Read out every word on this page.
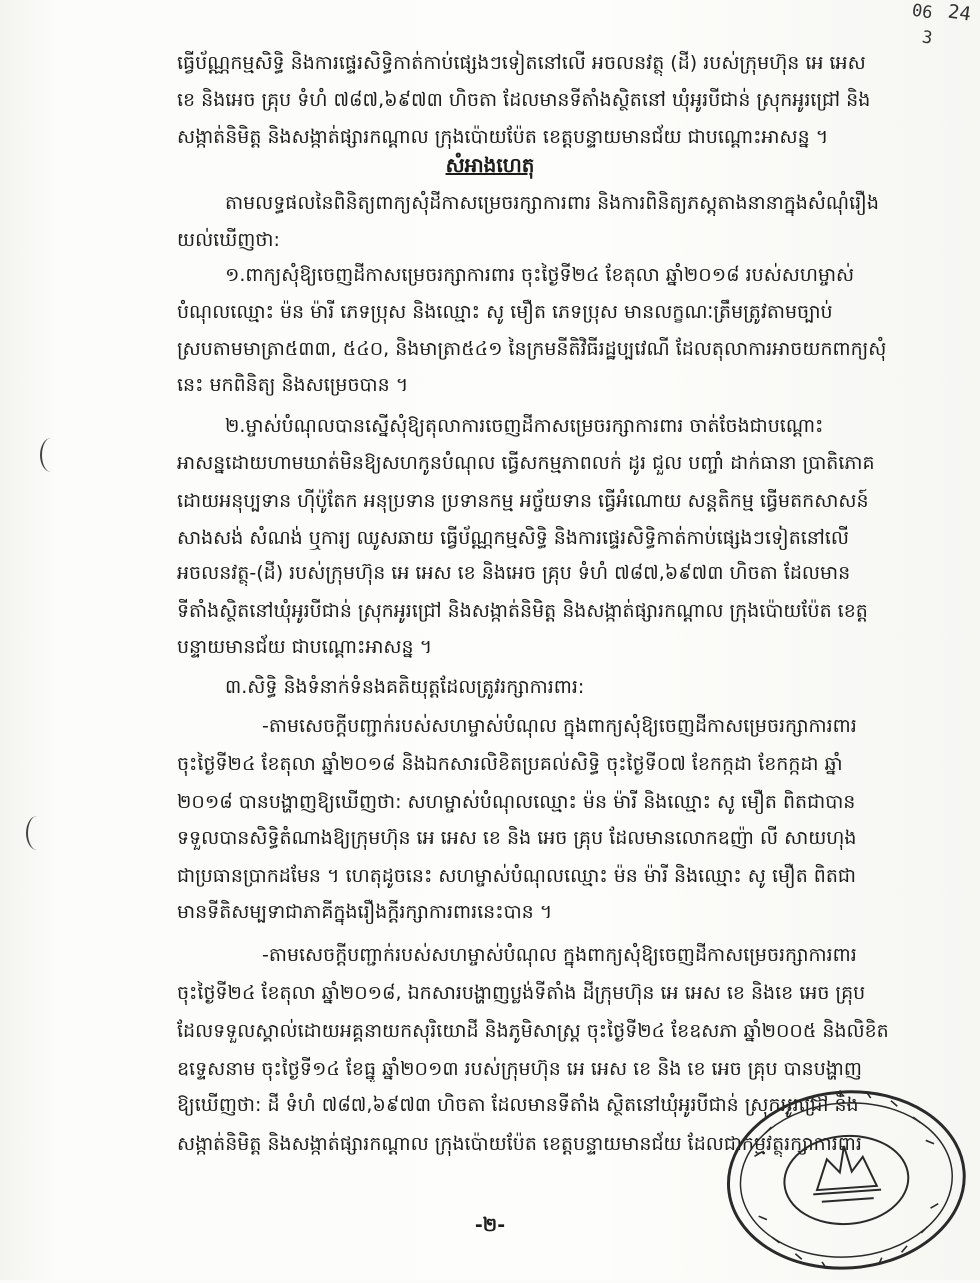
06
3
24
ធ្វើប័ណ្ណកម្មសិទ្ធិ និងការផ្ទេរសិទ្ធិកាត់កាប់ផ្សេងៗទៀតនៅលើ អចលនវត្ថុ (ដី) របស់ក្រុមហ៊ុន អេ អេស
ខេ និងអេច គ្រុប ទំហំ ៧៨៧,៦៩៧៣ ហិចតា ដែលមានទីតាំងស្ថិតនៅ ឃុំអូរបីជាន់ ស្រុកអូរជ្រៅ និង
សង្កាត់និមិត្ត និងសង្កាត់ផ្សារកណ្តាល ក្រុងប៉ោយប៉ែត ខេត្តបន្ទាយមានជ័យ ជាបណ្តោះអាសន្ន ។
សំអាងហេតុ
តាមលទ្ធផលនៃពិនិត្យពាក្យសុំដីកាសម្រេចរក្សាការពារ និងការពិនិត្យភស្តុតាងនានាក្នុងសំណុំរឿង
យល់ឃើញថា:
១.ពាក្យសុំឱ្យចេញដីកាសម្រេចរក្សាការពារ ចុះថ្ងៃទី២៤ ខែតុលា ឆ្នាំ២០១៨ របស់សហម្ចាស់
បំណុលឈ្មោះ ម៉ន ម៉ារី ភេទប្រុស និងឈ្មោះ សូ មឿត ភេទប្រុស មានលក្ខណៈត្រឹមត្រូវតាមច្បាប់
ស្របតាមមាត្រា៥៣៣, ៥៤០, និងមាត្រា៥៤១ នៃក្រមនីតិវិធីរដ្ឋប្បវេណី ដែលតុលាការអាចយកពាក្យសុំ
នេះ មកពិនិត្យ និងសម្រេចបាន ។
២.ម្ចាស់បំណុលបានស្នើសុំឱ្យតុលាការចេញដីកាសម្រេចរក្សាការពារ ចាត់ចែងជាបណ្តោះ
អាសន្នដោយហាមឃាត់មិនឱ្យសហកូនបំណុល ធ្វើសកម្មភាពលក់ ដូរ ជួល បញ្ចាំ ដាក់ធានា ប្រាតិភោគ
ដោយអនុប្បទាន ហ៊ីប៉ូតែក អនុប្រទាន ប្រទានកម្ម អច្ច័យទាន ធ្វើអំណោយ សន្តតិកម្ម ធ្វើមតកសាសន៍
សាងសង់ សំណង់ ឬការ្យ ឈូសឆាយ ធ្វើប័ណ្ណកម្មសិទ្ធិ និងការផ្ទេរសិទ្ធិកាត់កាប់ផ្សេងៗទៀតនៅលើ
អចលនវត្ថុ-(ដី) របស់ក្រុមហ៊ុន អេ អេស ខេ និងអេច គ្រុប ទំហំ ៧៨៧,៦៩៧៣ ហិចតា ដែលមាន
ទីតាំងស្ថិតនៅឃុំអូរបីជាន់ ស្រុកអូរជ្រៅ និងសង្កាត់និមិត្ត និងសង្កាត់ផ្សារកណ្តាល ក្រុងប៉ោយប៉ែត ខេត្ត
បន្ទាយមានជ័យ ជាបណ្តោះអាសន្ន ។
៣.សិទ្ធិ និងទំនាក់ទំនងគតិយុត្តដែលត្រូវរក្សាការពារ:
-តាមសេចក្តីបញ្ជាក់របស់សហម្ចាស់បំណុល ក្នុងពាក្យសុំឱ្យចេញដីកាសម្រេចរក្សាការពារ
ចុះថ្ងៃទី២៤ ខែតុលា ឆ្នាំ២០១៨ និងឯកសារលិខិតប្រគល់សិទ្ធិ ចុះថ្ងៃទី០៧ ខែកក្កដា ខែកក្កដា ឆ្នាំ
២០១៨ បានបង្ហាញឱ្យឃើញថា: សហម្ចាស់បំណុលឈ្មោះ ម៉ន ម៉ារី និងឈ្មោះ សូ មឿត ពិតជាបាន
ទទួលបានសិទ្ធិតំណាងឱ្យក្រុមហ៊ុន អេ អេស ខេ និង អេច គ្រុប ដែលមានលោកឧញ៉ា លី សាយហុង
ជាប្រធានប្រាកដមែន ។ ហេតុដូចនេះ សហម្ចាស់បំណុលឈ្មោះ ម៉ន ម៉ារី និងឈ្មោះ សូ មឿត ពិតជា
មានទីតិសម្បទាជាភាគីក្នុងរឿងក្តីរក្សាការពារនេះបាន ។
-តាមសេចក្តីបញ្ជាក់របស់សហម្ចាស់បំណុល ក្នុងពាក្យសុំឱ្យចេញដីកាសម្រេចរក្សាការពារ
ចុះថ្ងៃទី២៤ ខែតុលា ឆ្នាំ២០១៨, ឯកសារបង្ហាញប្លង់ទីតាំង ដីក្រុមហ៊ុន អេ អេស ខេ និងខេ អេច គ្រុប
ដែលទទួលស្គាល់ដោយអគ្គនាយកសុរិយោដី និងភូមិសាស្ត្រ ចុះថ្ងៃទី២៤ ខែឧសភា ឆ្នាំ២០០៥ និងលិខិត
ឧទ្ទេសនាម ចុះថ្ងៃទី១៤ ខែធ្នូ ឆ្នាំ២០១៣ របស់ក្រុមហ៊ុន អេ អេស ខេ និង ខេ អេច គ្រុប បានបង្ហាញ
ឱ្យឃើញថា: ដី ទំហំ ៧៨៧,៦៩៧៣ ហិចតា ដែលមានទីតាំង ស្ថិតនៅឃុំអូរបីជាន់ ស្រុកអូរជ្រៅ និង
សង្កាត់និមិត្ត និងសង្កាត់ផ្សារកណ្តាល ក្រុងប៉ោយប៉ែត ខេត្តបន្ទាយមានជ័យ ដែលជាកម្មវត្ថុរក្សាការពារ
-២-
